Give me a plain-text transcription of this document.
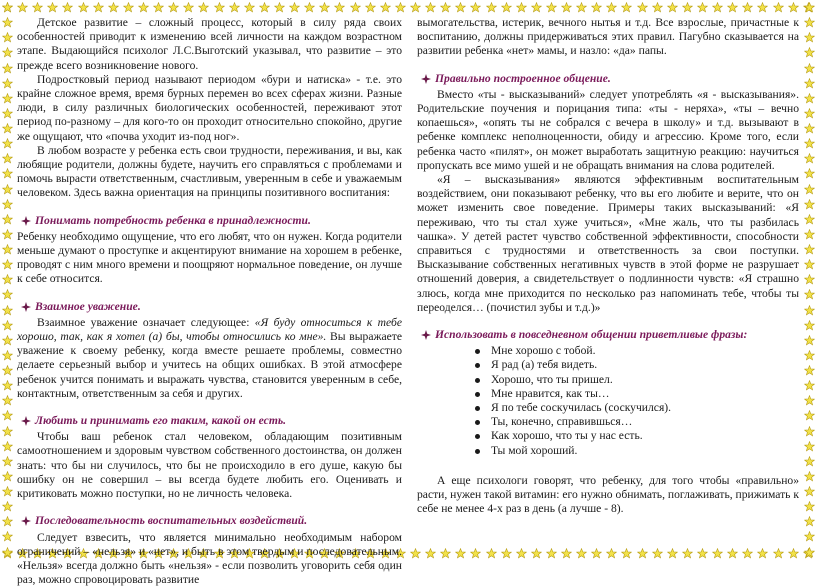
Детское развитие – сложный процесс, который в силу ряда своих особенностей приводит к изменению всей личности на каждом возрастном этапе. Выдающийся психолог Л.С.Выготский указывал, что развитие – это прежде всего возникновение нового.

Подростковый период называют периодом «бури и натиска» - т.е. это крайне сложное время, время бурных перемен во всех сферах жизни. Разные люди, в силу различных биологических особенностей, переживают этот период по-разному – для кого-то он проходит относительно спокойно, другие же ощущают, что «почва уходит из-под ног».

В любом возрасте у ребенка есть свои трудности, переживания, и вы, как любящие родители, должны будете, научить его справляться с проблемами и помочь вырасти ответственным, счастливым, уверенным в себе и уважаемым человеком. Здесь важна ориентация на принципы позитивного воспитания:

Понимать потребность ребенка в принадлежности.

Ребенку необходимо ощущение, что его любят, что он нужен. Когда родители меньше думают о проступке и акцентируют внимание на хорошем в ребенке, проводят с ним много времени и поощряют нормальное поведение, он лучше к себе относится.

Взаимное уважение.

Взаимное уважение означает следующее: «Я буду относиться к тебе хорошо, так, как я хотел (а) бы, чтобы относились ко мне». Вы выражаете уважение к своему ребенку, когда вместе решаете проблемы, совместно делаете серьезный выбор и учитесь на общих ошибках. В этой атмосфере ребенок учится понимать и выражать чувства, становится уверенным в себе, контактным, ответственным за себя и других.

Любить и принимать его таким, какой он есть.

Чтобы ваш ребенок стал человеком, обладающим позитивным самоотношением и здоровым чувством собственного достоинства, он должен знать: что бы ни случилось, что бы не происходило в его душе, какую бы ошибку он не совершил – вы всегда будете любить его. Оценивать и критиковать можно поступки, но не личность человека.

Последовательность воспитательных воздействий.

Следует взвесить, что является минимально необходимым набором ограничений – «нельзя» и «нет», и быть в этом твердым и последовательным. «Нельзя» всегда должно быть «нельзя» - если позволить уговорить себя один раз, можно спровоцировать развитие

вымогательства, истерик, вечного нытья и т.д. Все взрослые, причастные к воспитанию, должны придерживаться этих правил. Пагубно сказывается на развитии ребенка «нет» мамы, и назло: «да» папы.

Правильно построенное общение.

Вместо «ты - высказываний» следует употреблять «я - высказывания». Родительские поучения и порицания типа: «ты - неряха», «ты – вечно копаешься», «опять ты не собрался с вечера в школу» и т.д. вызывают в ребенке комплекс неполноценности, обиду и агрессию. Кроме того, если ребенка часто «пилят», он может выработать защитную реакцию: научиться пропускать все мимо ушей и не обращать внимания на слова родителей.

«Я – высказывания» являются эффективным воспитательным воздействием, они показывают ребенку, что вы его любите и верите, что он может изменить свое поведение. Примеры таких высказываний: «Я переживаю, что ты стал хуже учиться», «Мне жаль, что ты разбилась чашка». У детей растет чувство собственной эффективности, способности справиться с трудностями и ответственность за свои поступки. Высказывание собственных негативных чувств в этой форме не разрушает отношений доверия, а свидетельствует о подлинности чувств: «Я страшно злюсь, когда мне приходится по несколько раз напоминать тебе, чтобы ты переоделся… (почистил зубы и т.д.)»

Использовать в повседневном общении приветливые фразы:

Мне хорошо с тобой.
Я рад (а) тебя видеть.
Хорошо, что ты пришел.
Мне нравится, как ты…
Я по тебе соскучилась (соскучился).
Ты, конечно, справившься…
Как хорошо, что ты у нас есть.
Ты мой хороший.

А еще психологи говорят, что ребенку, для того чтобы «правильно» расти, нужен такой витамин: его нужно обнимать, поглаживать, прижимать к себе не менее 4-х раз в день (а лучше - 8).
